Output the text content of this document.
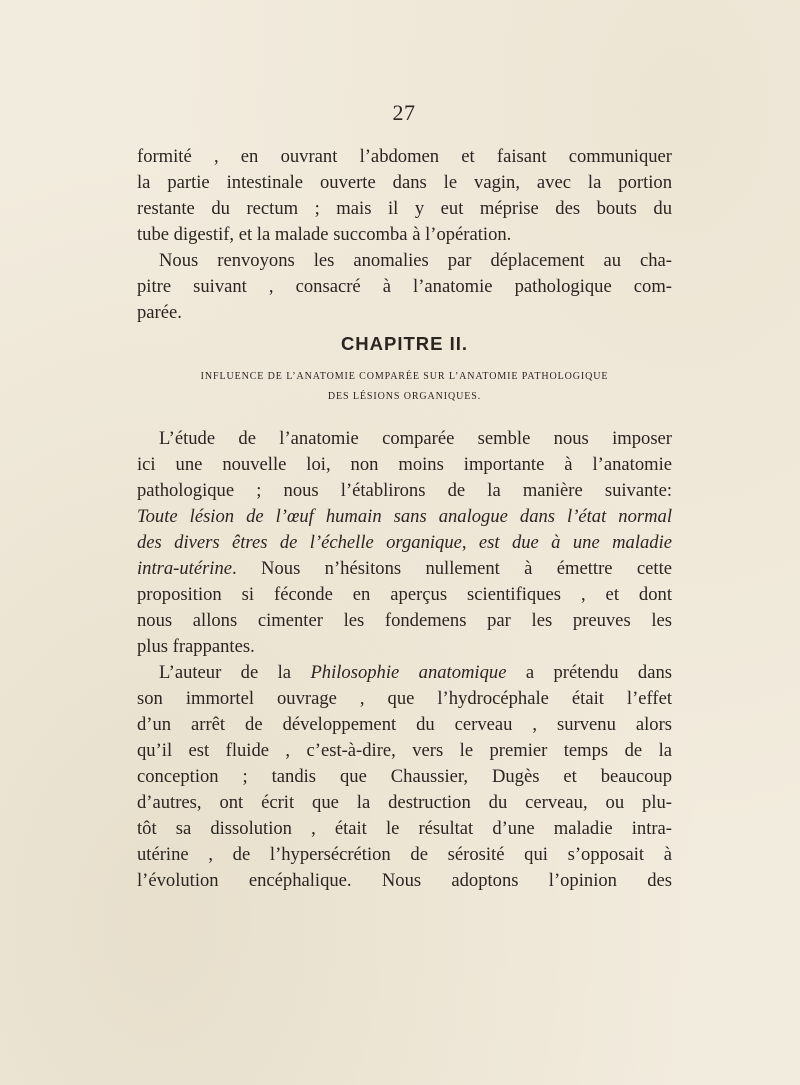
27
formité , en ouvrant l’abdomen et faisant communiquer
la partie intestinale ouverte dans le vagin, avec la portion
restante du rectum ; mais il y eut méprise des bouts du
tube digestif, et la malade succomba à l’opération.
Nous renvoyons les anomalies par déplacement au cha-
pitre suivant , consacré à l’anatomie pathologique com-
parée.
CHAPITRE II.
INFLUENCE DE L’ANATOMIE COMPARÉE SUR L’ANATOMIE PATHOLOGIQUE
DES LÉSIONS ORGANIQUES.
L’étude de l’anatomie comparée semble nous imposer
ici une nouvelle loi, non moins importante à l’anatomie
pathologique ; nous l’établirons de la manière suivante:
Toute lésion de l’œuf humain sans analogue dans l’état normal
des divers êtres de l’échelle organique, est due à une maladie
intra-utérine. Nous n’hésitons nullement à émettre cette
proposition si féconde en aperçus scientifiques , et dont
nous allons cimenter les fondemens par les preuves les
plus frappantes.
L’auteur de la Philosophie anatomique a prétendu dans
son immortel ouvrage , que l’hydrocéphale était l’effet
d’un arrêt de développement du cerveau , survenu alors
qu’il est fluide , c’est-à-dire, vers le premier temps de la
conception ; tandis que Chaussier, Dugès et beaucoup
d’autres, ont écrit que la destruction du cerveau, ou plu-
tôt sa dissolution , était le résultat d’une maladie intra-
utérine , de l’hypersécrétion de sérosité qui s’opposait à
l’évolution encéphalique. Nous adoptons l’opinion des
